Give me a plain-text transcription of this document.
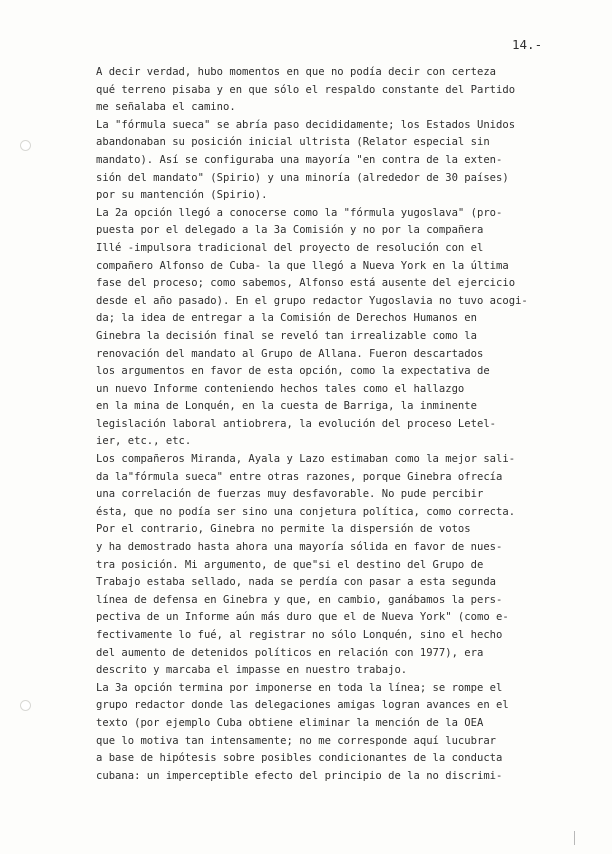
14.-
A decir verdad, hubo momentos en que no podía decir con certeza
qué terreno pisaba y en que sólo el respaldo constante del Partido
me señalaba el camino.
La "fórmula sueca" se abría paso decididamente; los Estados Unidos
abandonaban su posición inicial ultrista (Relator especial sin
mandato). Así se configuraba una mayoría "en contra de la exten-
sión del mandato" (Spirio) y una minoría (alrededor de 30 países)
por su mantención (Spirio).
La 2a opción llegó a conocerse como la "fórmula yugoslava" (pro-
puesta por el delegado a la 3a Comisión y no por la compañera
Illé -impulsora tradicional del proyecto de resolución con el
compañero Alfonso de Cuba- la que llegó a Nueva York en la última
fase del proceso; como sabemos, Alfonso está ausente del ejercicio
desde el año pasado). En el grupo redactor Yugoslavia no tuvo acogi-
da; la idea de entregar a la Comisión de Derechos Humanos en
Ginebra la decisión final se reveló tan irrealizable como la
renovación del mandato al Grupo de Allana. Fueron descartados
los argumentos en favor de esta opción, como la expectativa de
un nuevo Informe conteniendo hechos tales como el hallazgo
en la mina de Lonquén, en la cuesta de Barriga, la inminente
legislación laboral antiobrera, la evolución del proceso Letel-
ier, etc., etc.
Los compañeros Miranda, Ayala y Lazo estimaban como la mejor sali-
da la"fórmula sueca" entre otras razones, porque Ginebra ofrecía
una correlación de fuerzas muy desfavorable. No pude percibir
ésta, que no podía ser sino una conjetura política, como correcta.
Por el contrario, Ginebra no permite la dispersión de votos
y ha demostrado hasta ahora una mayoría sólida en favor de nues-
tra posición. Mi argumento, de que"si el destino del Grupo de
Trabajo estaba sellado, nada se perdía con pasar a esta segunda
línea de defensa en Ginebra y que, en cambio, ganábamos la pers-
pectiva de un Informe aún más duro que el de Nueva York" (como e-
fectivamente lo fué, al registrar no sólo Lonquén, sino el hecho
del aumento de detenidos políticos en relación con 1977), era
descrito y marcaba el impasse en nuestro trabajo.
La 3a opción termina por imponerse en toda la línea; se rompe el
grupo redactor donde las delegaciones amigas logran avances en el
texto (por ejemplo Cuba obtiene eliminar la mención de la OEA
que lo motiva tan intensamente; no me corresponde aquí lucubrar
a base de hipótesis sobre posibles condicionantes de la conducta
cubana: un imperceptible efecto del principio de la no discrimi-
